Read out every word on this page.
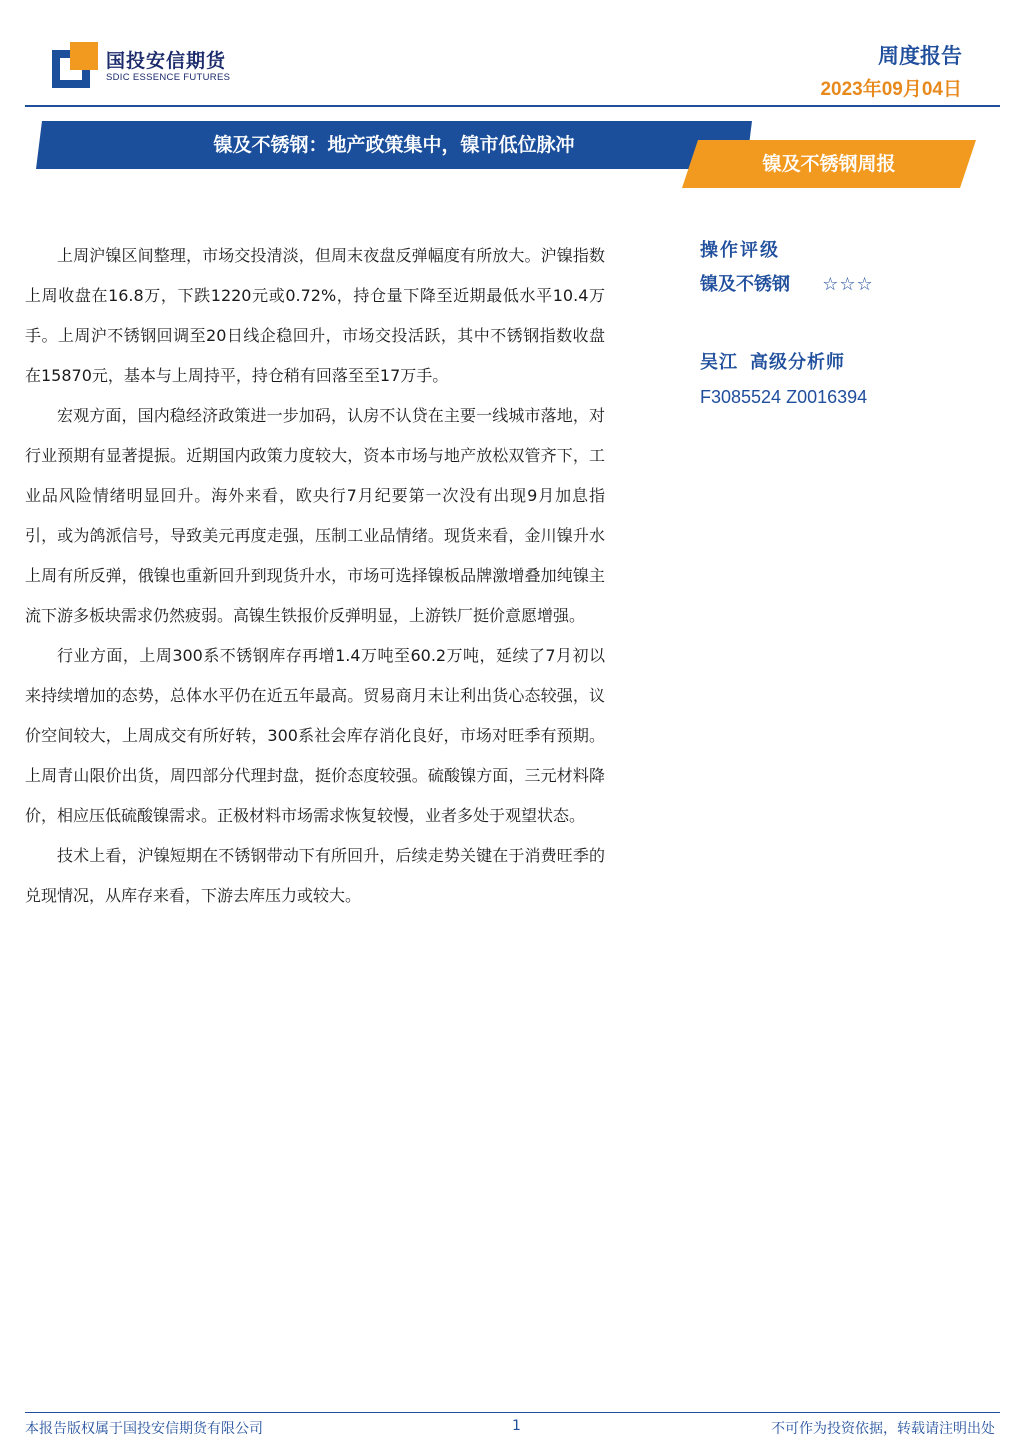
国投安信期货
SDIC ESSENCE FUTURES
周度报告
2023年09月04日
镍及不锈钢：地产政策集中，镍市低位脉冲
镍及不锈钢周报

上周沪镍区间整理，市场交投清淡，但周末夜盘反弹幅度有所放大。沪镍指数上周收盘在16.8万，下跌1220元或0.72%，持仓量下降至近期最低水平10.4万手。上周沪不锈钢回调至20日线企稳回升，市场交投活跃，其中不锈钢指数收盘在15870元，基本与上周持平，持仓稍有回落至至17万手。

宏观方面，国内稳经济政策进一步加码，认房不认贷在主要一线城市落地，对行业预期有显著提振。近期国内政策力度较大，资本市场与地产放松双管齐下，工业品风险情绪明显回升。海外来看，欧央行7月纪要第一次没有出现9月加息指引，或为鸽派信号，导致美元再度走强，压制工业品情绪。现货来看，金川镍升水上周有所反弹，俄镍也重新回升到现货升水，市场可选择镍板品牌激增叠加纯镍主流下游多板块需求仍然疲弱。高镍生铁报价反弹明显，上游铁厂挺价意愿增强。

行业方面，上周300系不锈钢库存再增1.4万吨至60.2万吨，延续了7月初以来持续增加的态势，总体水平仍在近五年最高。贸易商月末让利出货心态较强，议价空间较大，上周成交有所好转，300系社会库存消化良好，市场对旺季有预期。上周青山限价出货，周四部分代理封盘，挺价态度较强。硫酸镍方面，三元材料降价，相应压低硫酸镍需求。正极材料市场需求恢复较慢，业者多处于观望状态。

技术上看，沪镍短期在不锈钢带动下有所回升，后续走势关键在于消费旺季的兑现情况，从库存来看，下游去库压力或较大。

操作评级
镍及不锈钢 ☆☆☆
吴江 高级分析师
F3085524 Z0016394
本报告版权属于国投安信期货有限公司	1	不可作为投资依据，转载请注明出处
